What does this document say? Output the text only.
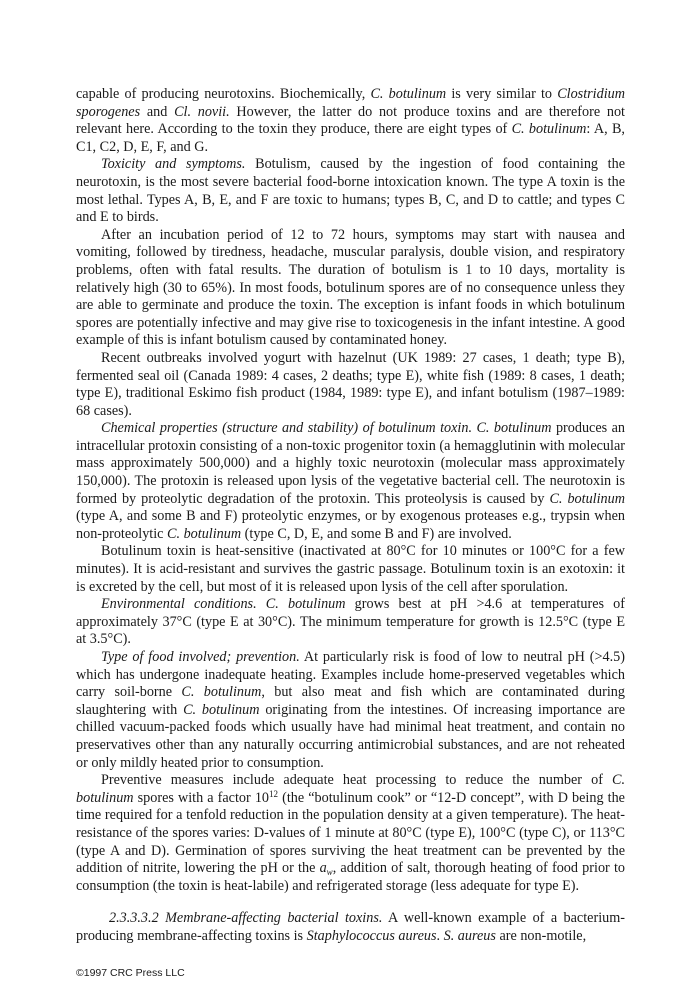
capable of producing neurotoxins. Biochemically, C. botulinum is very similar to Clostridium sporogenes and Cl. novii. However, the latter do not produce toxins and are therefore not relevant here. According to the toxin they produce, there are eight types of C. botulinum: A, B, C1, C2, D, E, F, and G.

Toxicity and symptoms. Botulism, caused by the ingestion of food containing the neurotoxin, is the most severe bacterial food-borne intoxication known. The type A toxin is the most lethal. Types A, B, E, and F are toxic to humans; types B, C, and D to cattle; and types C and E to birds.

After an incubation period of 12 to 72 hours, symptoms may start with nausea and vomiting, followed by tiredness, headache, muscular paralysis, double vision, and respiratory problems, often with fatal results. The duration of botulism is 1 to 10 days, mortality is relatively high (30 to 65%). In most foods, botulinum spores are of no consequence unless they are able to germinate and produce the toxin. The exception is infant foods in which botulinum spores are potentially infective and may give rise to toxicogenesis in the infant intestine. A good example of this is infant botulism caused by contaminated honey.

Recent outbreaks involved yogurt with hazelnut (UK 1989: 27 cases, 1 death; type B), fermented seal oil (Canada 1989: 4 cases, 2 deaths; type E), white fish (1989: 8 cases, 1 death; type E), traditional Eskimo fish product (1984, 1989: type E), and infant botulism (1987–1989: 68 cases).

Chemical properties (structure and stability) of botulinum toxin. C. botulinum produces an intracellular protoxin consisting of a non-toxic progenitor toxin (a hemagglutinin with molecular mass approximately 500,000) and a highly toxic neurotoxin (molecular mass approximately 150,000). The protoxin is released upon lysis of the vegetative bacterial cell. The neurotoxin is formed by proteolytic degradation of the protoxin. This proteolysis is caused by C. botulinum (type A, and some B and F) proteolytic enzymes, or by exogenous proteases e.g., trypsin when non-proteolytic C. botulinum (type C, D, E, and some B and F) are involved.

Botulinum toxin is heat-sensitive (inactivated at 80°C for 10 minutes or 100°C for a few minutes). It is acid-resistant and survives the gastric passage. Botulinum toxin is an exotoxin: it is excreted by the cell, but most of it is released upon lysis of the cell after sporulation.

Environmental conditions. C. botulinum grows best at pH >4.6 at temperatures of approximately 37°C (type E at 30°C). The minimum temperature for growth is 12.5°C (type E at 3.5°C).

Type of food involved; prevention. At particularly risk is food of low to neutral pH (>4.5) which has undergone inadequate heating. Examples include home-preserved vegetables which carry soil-borne C. botulinum, but also meat and fish which are contaminated during slaughtering with C. botulinum originating from the intestines. Of increasing importance are chilled vacuum-packed foods which usually have had minimal heat treatment, and contain no preservatives other than any naturally occurring antimicrobial substances, and are not reheated or only mildly heated prior to consumption.

Preventive measures include adequate heat processing to reduce the number of C. botulinum spores with a factor $10^{12}$ (the “botulinum cook” or “12-D concept”, with D being the time required for a tenfold reduction in the population density at a given temperature). The heat-resistance of the spores varies: D-values of 1 minute at 80°C (type E), 100°C (type C), or 113°C (type A and D). Germination of spores surviving the heat treatment can be prevented by the addition of nitrite, lowering the pH or the $a_w$, addition of salt, thorough heating of food prior to consumption (the toxin is heat-labile) and refrigerated storage (less adequate for type E).

2.3.3.3.2 Membrane-affecting bacterial toxins. A well-known example of a bacterium-producing membrane-affecting toxins is Staphylococcus aureus. S. aureus are non-motile,

©1997 CRC Press LLC
